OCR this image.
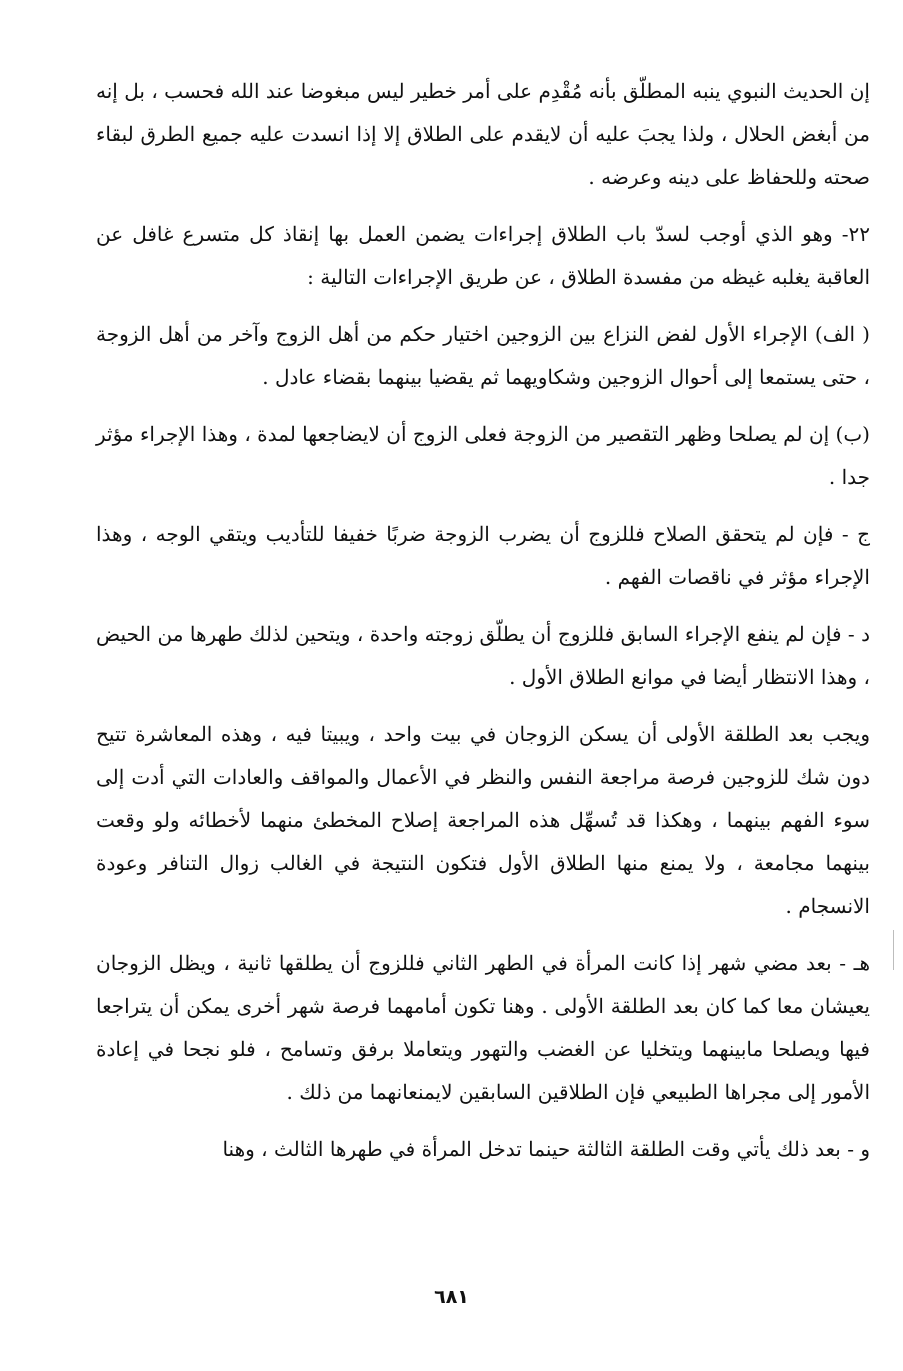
إن الحديث النبوي ينبه المطلّق بأنه مُقْدِم على أمر خطير ليس مبغوضا عند الله فحسب ، بل إنه من أبغض الحلال ، ولذا يجبَ عليه أن لايقدم على الطلاق إلا إذا انسدت عليه جميع الطرق لبقاء صحته وللحفاظ على دينه وعرضه .

٢٢- وهو الذي أوجب لسدّ باب الطلاق إجراءات يضمن العمل بها إنقاذ كل متسرع غافل عن العاقبة يغلبه غيظه من مفسدة الطلاق ، عن طريق الإجراءات التالية :

( الف) الإجراء الأول لفض النزاع بين الزوجين اختيار حكم من أهل الزوج وآخر من أهل الزوجة ، حتى يستمعا إلى أحوال الزوجين وشكاويهما ثم يقضيا بينهما بقضاء عادل .

(ب) إن لم يصلحا وظهر التقصير من الزوجة فعلى الزوج أن لايضاجعها لمدة ، وهذا الإجراء مؤثر جدا .

ج - فإن لم يتحقق الصلاح فللزوج أن يضرب الزوجة ضربًا خفيفا للتأديب ويتقي الوجه ، وهذا الإجراء مؤثر في ناقصات الفهم .

د - فإن لم ينفع الإجراء السابق فللزوج أن يطلّق زوجته واحدة ، ويتحين لذلك طهرها من الحيض ، وهذا الانتظار أيضا في موانع الطلاق الأول .

ويجب بعد الطلقة الأولى أن يسكن الزوجان في بيت واحد ، ويبيتا فيه ، وهذه المعاشرة تتيح دون شك للزوجين فرصة مراجعة النفس والنظر في الأعمال والمواقف والعادات التي أدت إلى سوء الفهم بينهما ، وهكذا قد تُسهِّل هذه المراجعة إصلاح المخطئ منهما لأخطائه ولو وقعت بينهما مجامعة ، ولا يمنع منها الطلاق الأول فتكون النتيجة في الغالب زوال التنافر وعودة الانسجام .

هـ - بعد مضي شهر إذا كانت المرأة في الطهر الثاني فللزوج أن يطلقها ثانية ، ويظل الزوجان يعيشان معا كما كان بعد الطلقة الأولى . وهنا تكون أمامهما فرصة شهر أخرى يمكن أن يتراجعا فيها ويصلحا مابينهما ويتخليا عن الغضب والتهور ويتعاملا برفق وتسامح ، فلو نجحا في إعادة الأمور إلى مجراها الطبيعي فإن الطلاقين السابقين لايمنعانهما من ذلك .

و - بعد ذلك يأتي وقت الطلقة الثالثة حينما تدخل المرأة في طهرها الثالث ، وهنا

٦٨١
